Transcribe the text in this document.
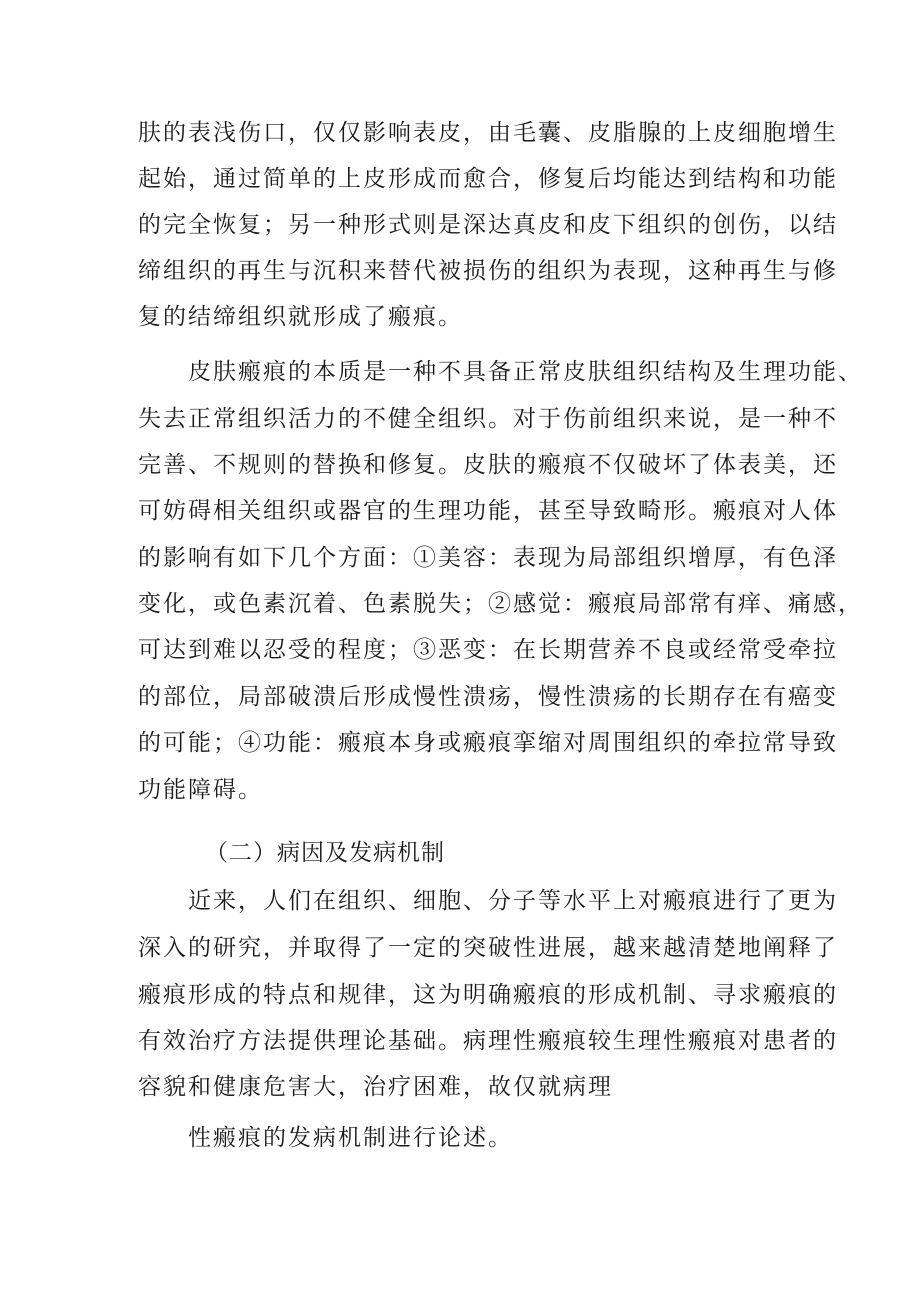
肤的表浅伤口，仅仅影响表皮，由毛囊、皮脂腺的上皮细胞增生
起始，通过简单的上皮形成而愈合，修复后均能达到结构和功能
的完全恢复；另一种形式则是深达真皮和皮下组织的创伤，以结
缔组织的再生与沉积来替代被损伤的组织为表现，这种再生与修
复的结缔组织就形成了瘢痕。
皮肤瘢痕的本质是一种不具备正常皮肤组织结构及生理功能、
失去正常组织活力的不健全组织。对于伤前组织来说，是一种不
完善、不规则的替换和修复。皮肤的瘢痕不仅破坏了体表美，还
可妨碍相关组织或器官的生理功能，甚至导致畸形。瘢痕对人体
的影响有如下几个方面：①美容：表现为局部组织增厚，有色泽
变化，或色素沉着、色素脱失；②感觉：瘢痕局部常有痒、痛感，
可达到难以忍受的程度；③恶变：在长期营养不良或经常受牵拉
的部位，局部破溃后形成慢性溃疡，慢性溃疡的长期存在有癌变
的可能；④功能：瘢痕本身或瘢痕挛缩对周围组织的牵拉常导致
功能障碍。
（二）病因及发病机制
近来，人们在组织、细胞、分子等水平上对瘢痕进行了更为
深入的研究，并取得了一定的突破性进展，越来越清楚地阐释了
瘢痕形成的特点和规律，这为明确瘢痕的形成机制、寻求瘢痕的
有效治疗方法提供理论基础。病理性瘢痕较生理性瘢痕对患者的
容貌和健康危害大，治疗困难，故仅就病理
性瘢痕的发病机制进行论述。
